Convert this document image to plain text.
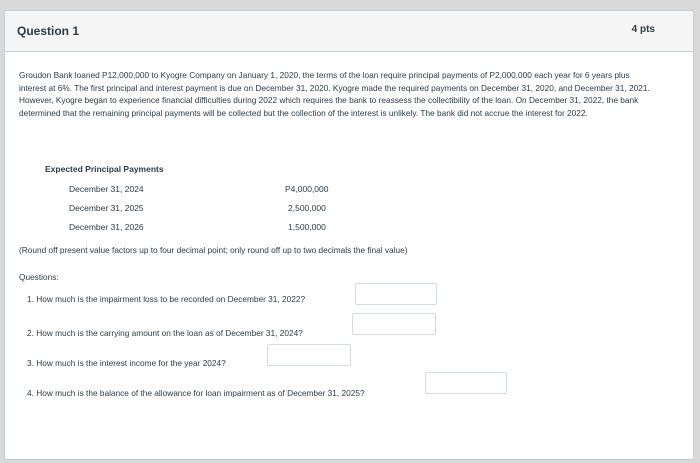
Question 1	4 pts
Groudon Bank loaned P12,000,000 to Kyogre Company on January 1, 2020, the terms of the loan require principal payments of P2,000,000 each year for 6 years plus interest at 6%. The first principal and interest payment is due on December 31, 2020. Kyogre made the required payments on December 31, 2020, and December 31, 2021. However, Kyogre began to experience financial difficulties during 2022 which requires the bank to reassess the collectibility of the loan. On December 31, 2022, the bank determined that the remaining principal payments will be collected but the collection of the interest is unlikely. The bank did not accrue the interest for 2022.
Expected Principal Payments
December 31, 2024	P4,000,000
December 31, 2025	2,500,000
December 31, 2026	1,500,000
(Round off present value factors up to four decimal point; only round off up to two decimals the final value)
Questions:
1. How much is the impairment loss to be recorded on December 31, 2022?
2. How much is the carrying amount on the loan as of December 31, 2024?
3. How much is the interest income for the year 2024?
4. How much is the balance of the allowance for loan impairment as of December 31, 2025?
